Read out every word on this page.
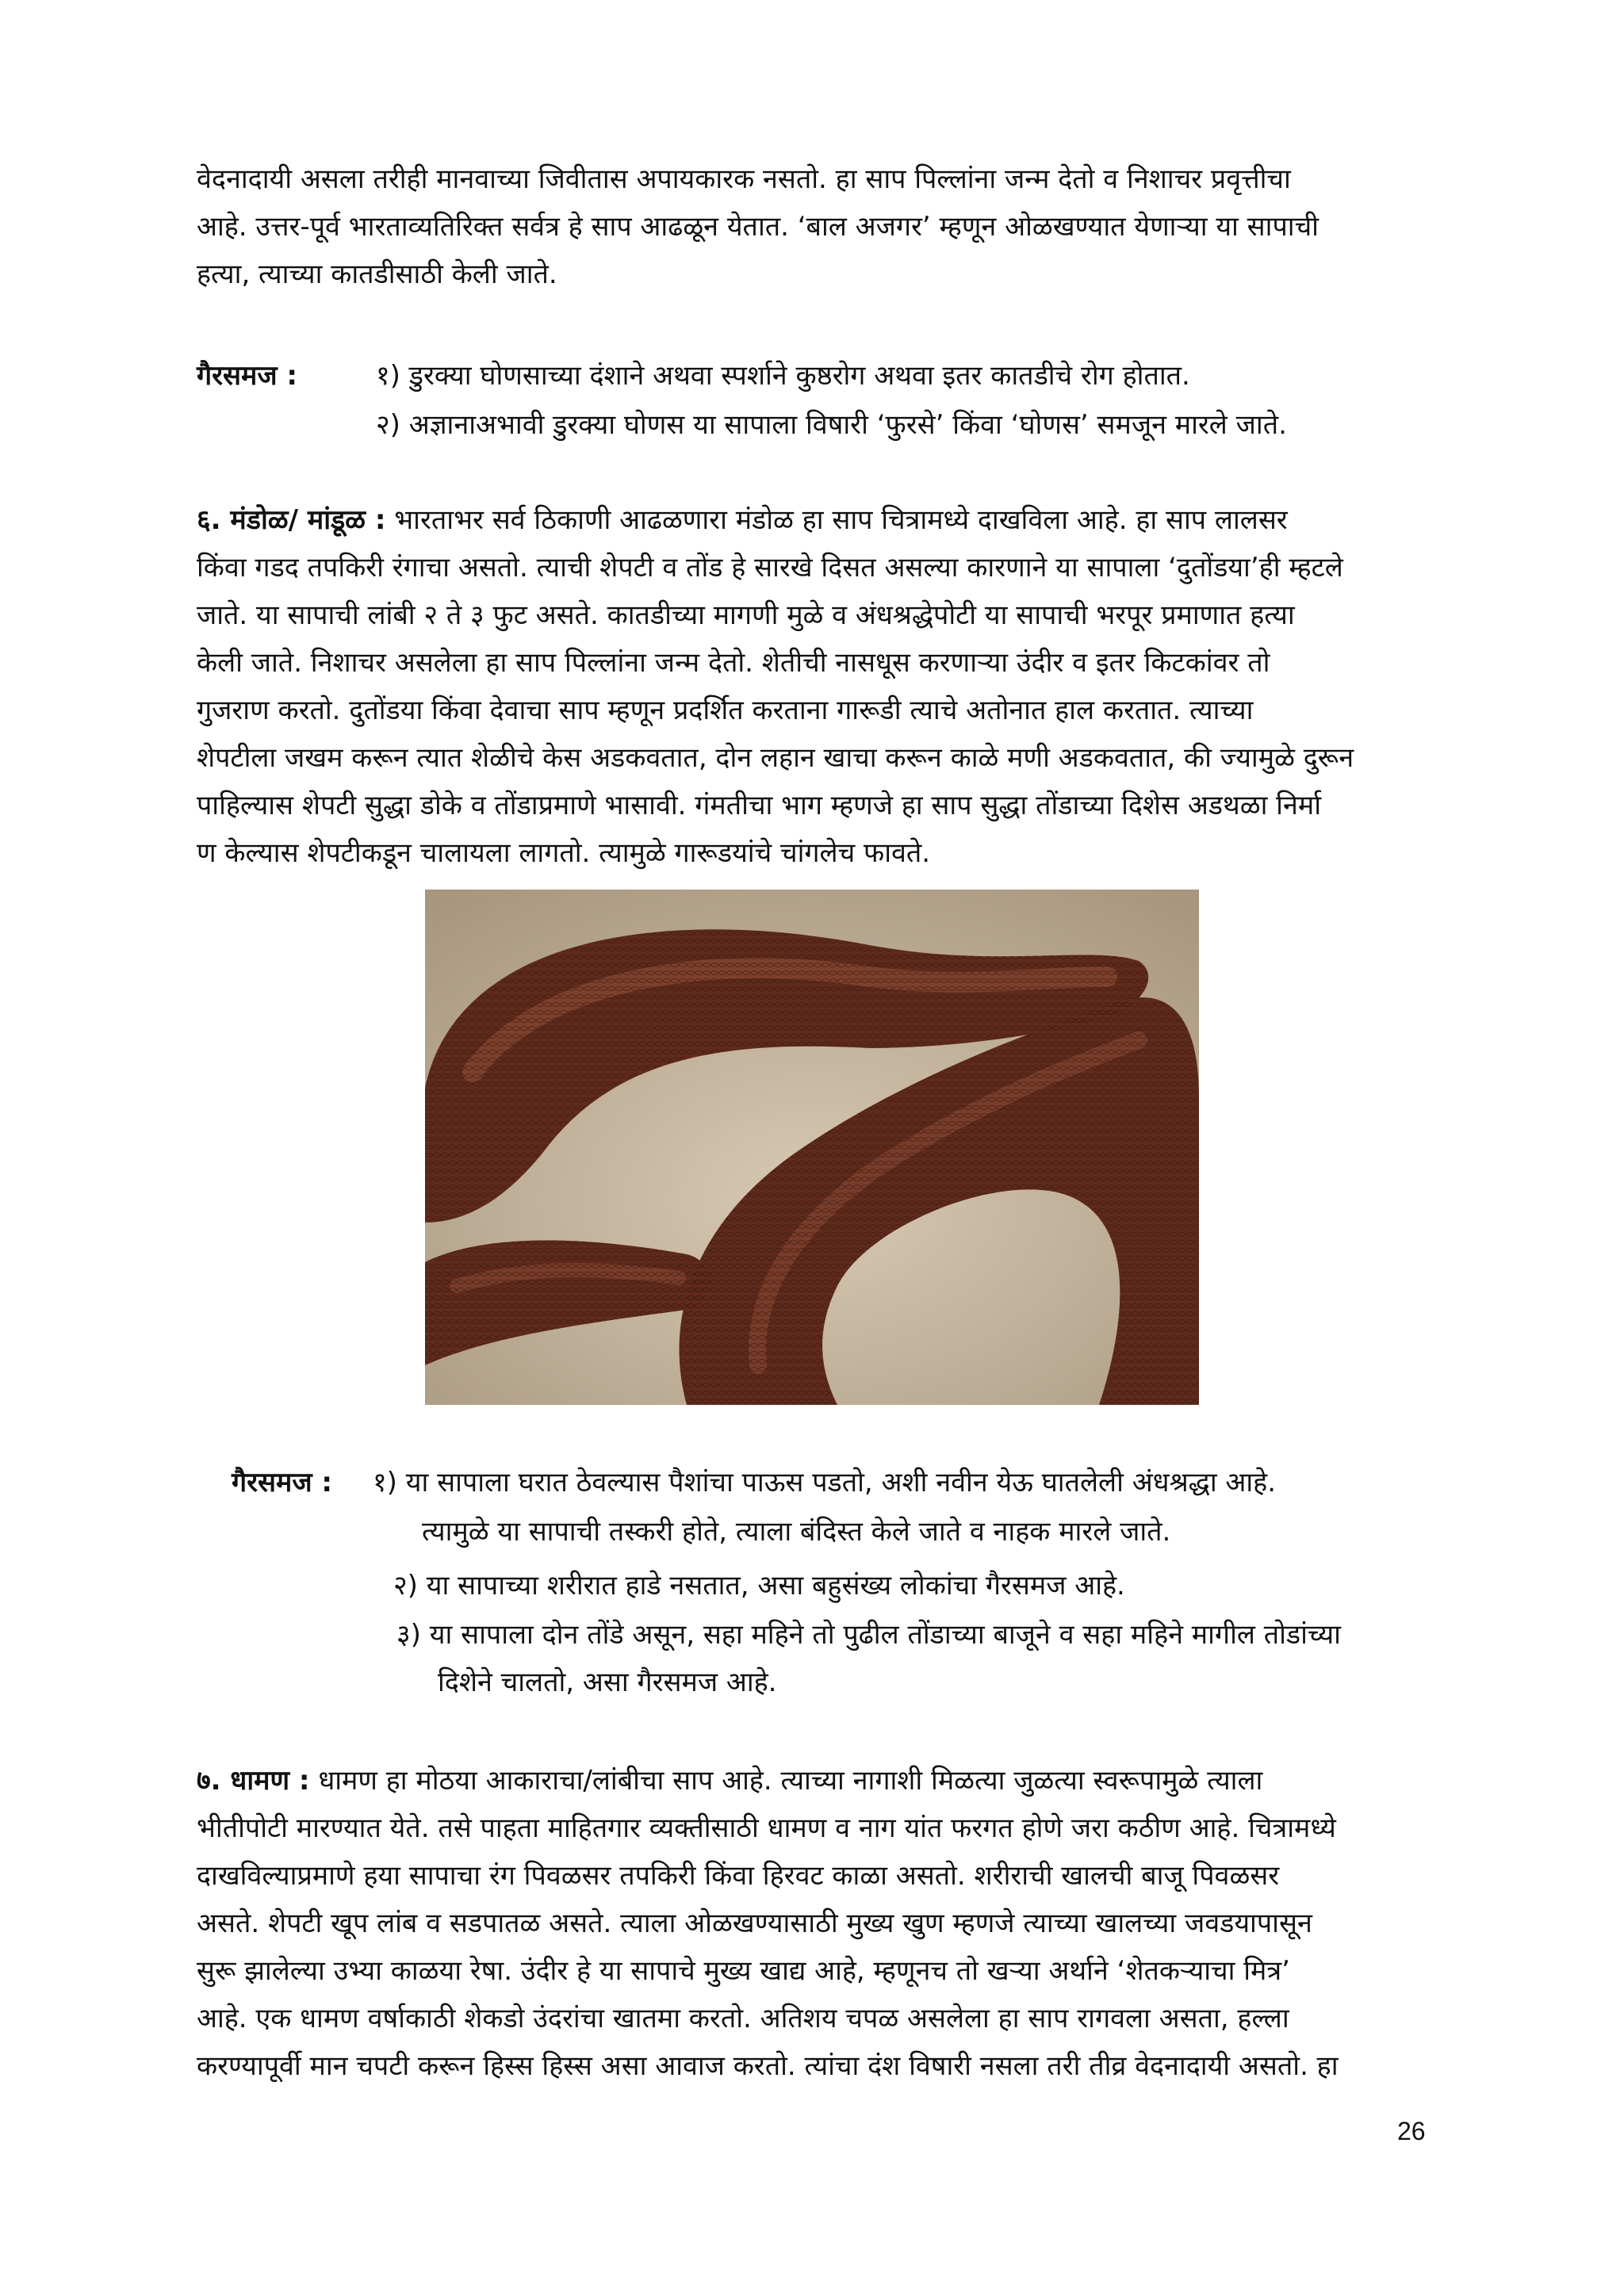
वेदनादायी असला तरीही मानवाच्या जिवीतास अपायकारक नसतो. हा साप पिल्लांना जन्म देतो व निशाचर प्रवृत्तीचा
आहे. उत्तर-पूर्व भारताव्यतिरिक्त सर्वत्र हे साप आढळून येतात. ‘बाल अजगर’ म्हणून ओळखण्यात येणाऱ्या या सापाची
हत्या, त्याच्या कातडीसाठी केली जाते.
गैरसमज :	१) डुरक्या घोणसाच्या दंशाने अथवा स्पर्शाने कुष्ठरोग अथवा इतर कातडीचे रोग होतात.
२) अज्ञानाअभावी डुरक्या घोणस या सापाला विषारी ‘फुरसे’ किंवा ‘घोणस’ समजून मारले जाते.
६. मंडोळ/ मांडूळ : भारताभर सर्व ठिकाणी आढळणारा मंडोळ हा साप चित्रामध्ये दाखविला आहे. हा साप लालसर
किंवा गडद तपकिरी रंगाचा असतो. त्याची शेपटी व तोंड हे सारखे दिसत असल्या कारणाने या सापाला ‘दुतोंडया’ही म्हटले
जाते. या सापाची लांबी २ ते ३ फुट असते. कातडीच्या मागणी मुळे व अंधश्रद्धेपोटी या सापाची भरपूर प्रमाणात हत्या
केली जाते. निशाचर असलेला हा साप पिल्लांना जन्म देतो. शेतीची नासधूस करणाऱ्या उंदीर व इतर किटकांवर तो
गुजराण करतो. दुतोंडया किंवा देवाचा साप म्हणून प्रदर्शित करताना गारूडी त्याचे अतोनात हाल करतात. त्याच्या
शेपटीला जखम करून त्यात शेळीचे केस अडकवतात, दोन लहान खाचा करून काळे मणी अडकवतात, की ज्यामुळे दुरून
पाहिल्यास शेपटी सुद्धा डोके व तोंडाप्रमाणे भासावी. गंमतीचा भाग म्हणजे हा साप सुद्धा तोंडाच्या दिशेस अडथळा निर्मा
ण केल्यास शेपटीकडून चालायला लागतो. त्यामुळे गारूडयांचे चांगलेच फावते.
गैरसमज : १) या सापाला घरात ठेवल्यास पैशांचा पाऊस पडतो, अशी नवीन येऊ घातलेली अंधश्रद्धा आहे.
त्यामुळे या सापाची तस्करी होते, त्याला बंदिस्त केले जाते व नाहक मारले जाते.
२) या सापाच्या शरीरात हाडे नसतात, असा बहुसंख्य लोकांचा गैरसमज आहे.
३) या सापाला दोन तोंडे असून, सहा महिने तो पुढील तोंडाच्या बाजूने व सहा महिने मागील तोडांच्या
दिशेने चालतो, असा गैरसमज आहे.
७. धामण : धामण हा मोठया आकाराचा/लांबीचा साप आहे. त्याच्या नागाशी मिळत्या जुळत्या स्वरूपामुळे त्याला
भीतीपोटी मारण्यात येते. तसे पाहता माहितगार व्यक्तीसाठी धामण व नाग यांत फरगत होणे जरा कठीण आहे. चित्रामध्ये
दाखविल्याप्रमाणे हया सापाचा रंग पिवळसर तपकिरी किंवा हिरवट काळा असतो. शरीराची खालची बाजू पिवळसर
असते. शेपटी खूप लांब व सडपातळ असते. त्याला ओळखण्यासाठी मुख्य खुण म्हणजे त्याच्या खालच्या जवडयापासून
सुरू झालेल्या उभ्या काळया रेषा. उंदीर हे या सापाचे मुख्य खाद्य आहे, म्हणूनच तो खऱ्या अर्थाने ‘शेतकऱ्याचा मित्र’
आहे. एक धामण वर्षाकाठी शेकडो उंदरांचा खातमा करतो. अतिशय चपळ असलेला हा साप रागवला असता, हल्ला
करण्यापूर्वी मान चपटी करून हिस्स हिस्स असा आवाज करतो. त्यांचा दंश विषारी नसला तरी तीव्र वेदनादायी असतो. हा
26
